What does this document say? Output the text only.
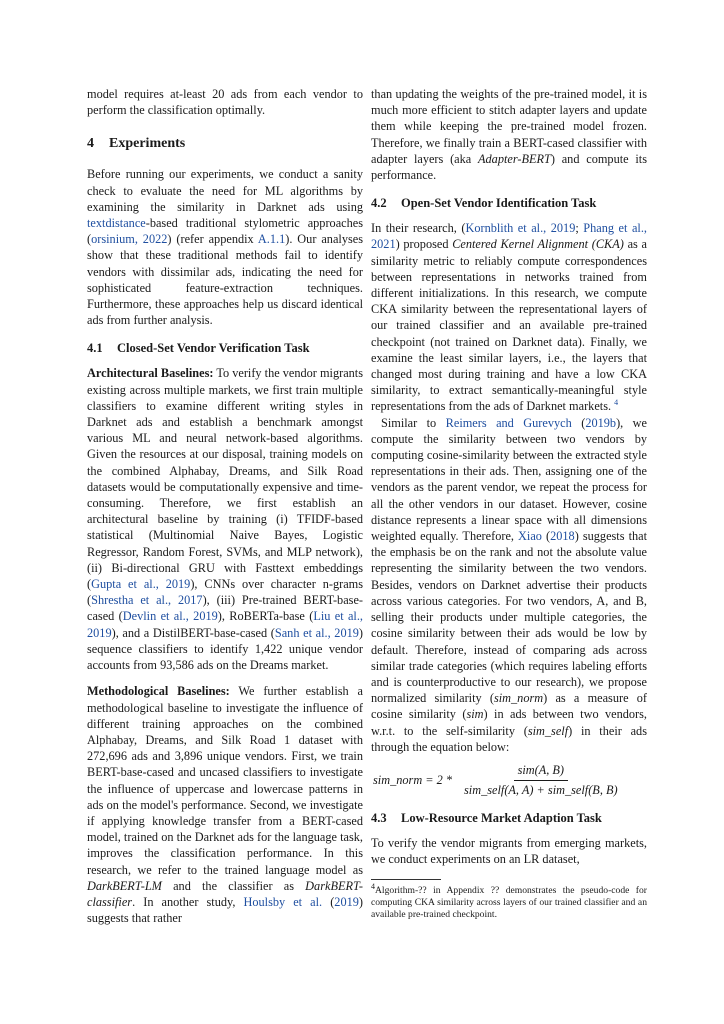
model requires at-least 20 ads from each vendor to perform the classification optimally.

4 Experiments

Before running our experiments, we conduct a sanity check to evaluate the need for ML algorithms by examining the similarity in Darknet ads using textdistance-based traditional stylometric approaches (orsinium, 2022) (refer appendix A.1.1). Our analyses show that these traditional methods fail to identify vendors with dissimilar ads, indicating the need for sophisticated feature-extraction techniques. Furthermore, these approaches help us discard identical ads from further analysis.

4.1 Closed-Set Vendor Verification Task

Architectural Baselines: To verify the vendor migrants existing across multiple markets, we first train multiple classifiers to examine different writing styles in Darknet ads and establish a benchmark amongst various ML and neural network-based algorithms. Given the resources at our disposal, training models on the combined Alphabay, Dreams, and Silk Road datasets would be computationally expensive and time-consuming. Therefore, we first establish an architectural baseline by training (i) TFIDF-based statistical (Multinomial Naive Bayes, Logistic Regressor, Random Forest, SVMs, and MLP network), (ii) Bi-directional GRU with Fasttext embeddings (Gupta et al., 2019), CNNs over character n-grams (Shrestha et al., 2017), (iii) Pre-trained BERT-base-cased (Devlin et al., 2019), RoBERTa-base (Liu et al., 2019), and a DistilBERT-base-cased (Sanh et al., 2019) sequence classifiers to identify 1,422 unique vendor accounts from 93,586 ads on the Dreams market.

Methodological Baselines: We further establish a methodological baseline to investigate the influence of different training approaches on the combined Alphabay, Dreams, and Silk Road 1 dataset with 272,696 ads and 3,896 unique vendors. First, we train BERT-base-cased and uncased classifiers to investigate the influence of uppercase and lowercase patterns in ads on the model's performance. Second, we investigate if applying knowledge transfer from a BERT-cased model, trained on the Darknet ads for the language task, improves the classification performance. In this research, we refer to the trained language model as DarkBERT-LM and the classifier as DarkBERT-classifier. In another study, Houlsby et al. (2019) suggests that rather

than updating the weights of the pre-trained model, it is much more efficient to stitch adapter layers and update them while keeping the pre-trained model frozen. Therefore, we finally train a BERT-cased classifier with adapter layers (aka Adapter-BERT) and compute its performance.

4.2 Open-Set Vendor Identification Task

In their research, (Kornblith et al., 2019; Phang et al., 2021) proposed Centered Kernel Alignment (CKA) as a similarity metric to reliably compute correspondences between representations in networks trained from different initializations. In this research, we compute CKA similarity between the representational layers of our trained classifier and an available pre-trained checkpoint (not trained on Darknet data). Finally, we examine the least similar layers, i.e., the layers that changed most during training and have a low CKA similarity, to extract semantically-meaningful style representations from the ads of Darknet markets. $^4$

Similar to Reimers and Gurevych (2019b), we compute the similarity between two vendors by computing cosine-similarity between the extracted style representations in their ads. Then, assigning one of the vendors as the parent vendor, we repeat the process for all the other vendors in our dataset. However, cosine distance represents a linear space with all dimensions weighted equally. Therefore, Xiao (2018) suggests that the emphasis be on the rank and not the absolute value representing the similarity between the two vendors. Besides, vendors on Darknet advertise their products across various categories. For two vendors, A, and B, selling their products under multiple categories, the cosine similarity between their ads would be low by default. Therefore, instead of comparing ads across similar trade categories (which requires labeling efforts and is counterproductive to our research), we propose normalized similarity (sim_norm) as a measure of cosine similarity (sim) in ads between two vendors, w.r.t. to the self-similarity (sim_self) in their ads through the equation below:

sim_norm = $2 * \frac{\text{sim(A, B)}}{\text{sim\_self(A, A) + sim\_self(B, B)}}$
4.3 Low-Resource Market Adaption Task

To verify the vendor migrants from emerging markets, we conduct experiments on an LR dataset,

$^4$Algorithm-?? in Appendix ?? demonstrates the pseudo-code for computing CKA similarity across layers of our trained classifier and an available pre-trained checkpoint.
